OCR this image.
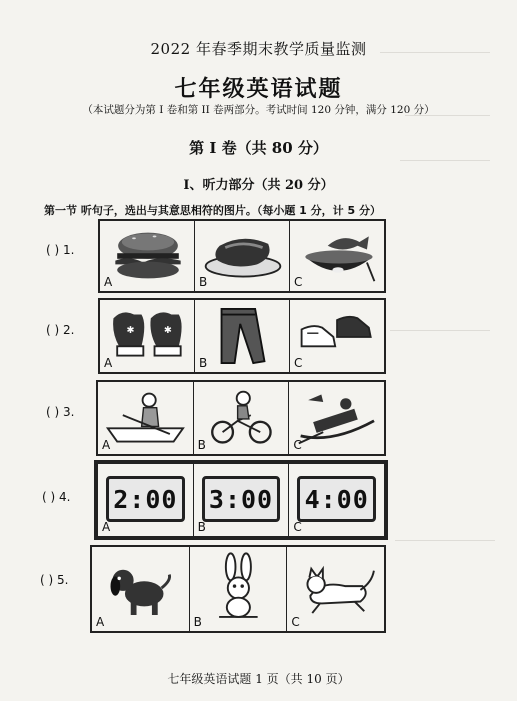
2022 年春季期末教学质量监测
七年级英语试题
（本试题分为第 I 卷和第 II 卷两部分。考试时间 120 分钟，满分 120 分）
第 I 卷（共 80 分）
I、听力部分（共 20 分）
第一节 听句子，选出与其意思相符的图片。（每小题 1 分，计 5 分）
( ) 1.
A	B	C
( ) 2.	✱	✱
A	B	C
( ) 3.
A	B	C
( ) 4. 2:00
A
3:00
B
4:00
C
( ) 5.
A	B	C
七年级英语试题 1 页（共 10 页）
